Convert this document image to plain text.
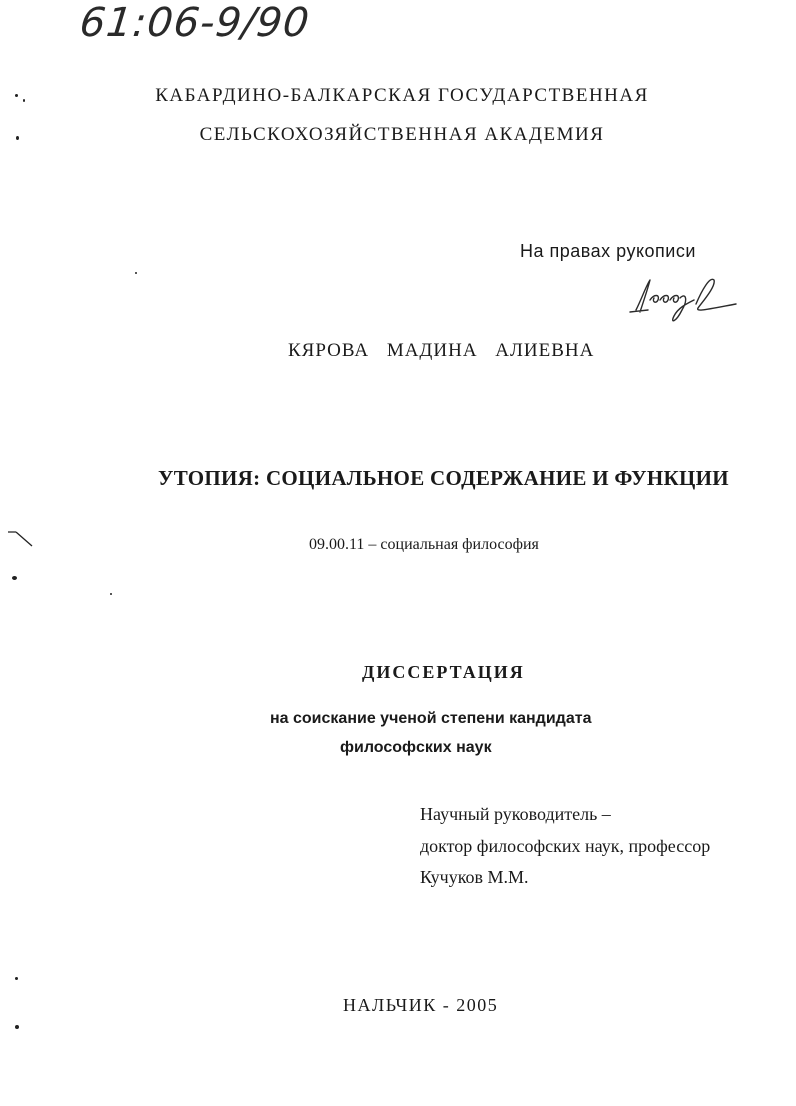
61:06-9/90
КАБАРДИНО-БАЛКАРСКАЯ ГОСУДАРСТВЕННАЯ
СЕЛЬСКОХОЗЯЙСТВЕННАЯ АКАДЕМИЯ
На правах рукописи
КЯРОВА МАДИНА АЛИЕВНА
УТОПИЯ: СОЦИАЛЬНОЕ СОДЕРЖАНИЕ И ФУНКЦИИ
09.00.11 – социальная философия
ДИССЕРТАЦИЯ
на соискание ученой степени кандидата
философских наук
Научный руководитель –
доктор философских наук, профессор
Кучуков М.М.
НАЛЬЧИК - 2005
